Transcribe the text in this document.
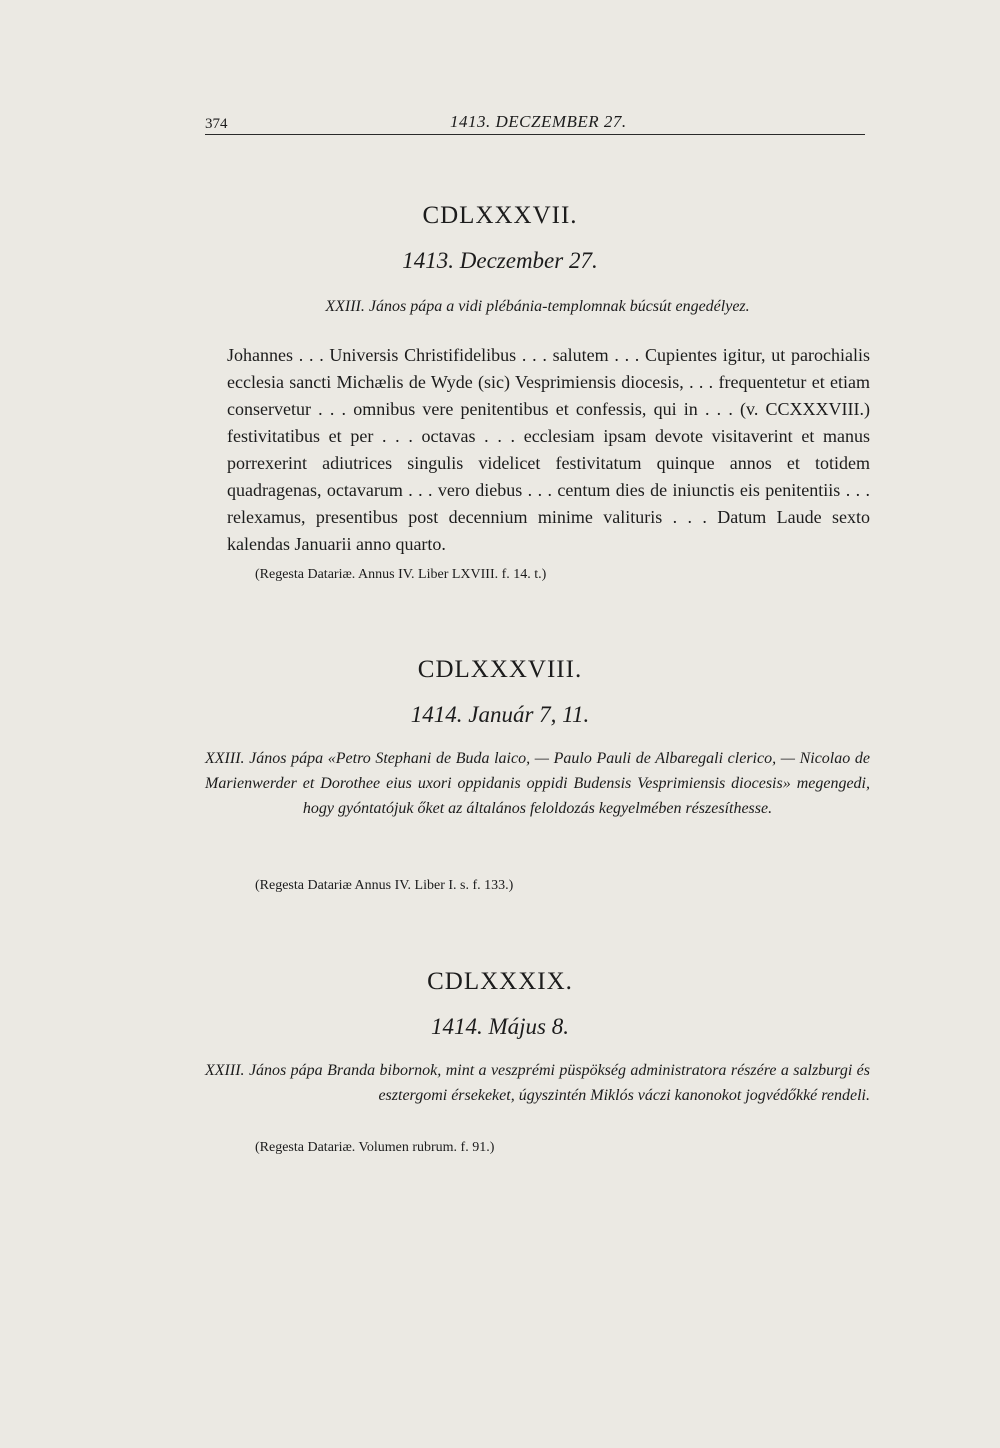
374	1413. DECZEMBER 27.
CDLXXXVII.
1413. Deczember 27.
XXIII. János pápa a vidi plébánia-templomnak búcsút engedélyez.
Johannes . . . Universis Christifidelibus . . . salutem . . . Cupientes igitur, ut parochialis ecclesia sancti Michælis de Wyde (sic) Vesprimiensis diocesis, . . . frequentetur et etiam conservetur . . . omnibus vere penitentibus et confessis, qui in . . . (v. CCXXXVIII.) festivitatibus et per . . . octavas . . . ecclesiam ipsam devote visitaverint et manus porrexerint adiutrices singulis videlicet festivitatum quinque annos et totidem quadragenas, octavarum . . . vero diebus . . . centum dies de iniunctis eis penitentiis . . . relexamus, presentibus post decennium minime valituris . . . Datum Laude sexto kalendas Januarii anno quarto.
(Regesta Datariæ. Annus IV. Liber LXVIII. f. 14. t.)
CDLXXXVIII.
1414. Január 7, 11.
XXIII. János pápa «Petro Stephani de Buda laico, — Paulo Pauli de Albaregali clerico, — Nicolao de Marienwerder et Dorothee eius uxori oppidanis oppidi Budensis Vesprimiensis diocesis» megengedi, hogy gyóntatójuk őket az általános feloldozás kegyelmében részesíthesse.
(Regesta Datariæ Annus IV. Liber I. s. f. 133.)
CDLXXXIX.
1414. Május 8.
XXIII. János pápa Branda bibornok, mint a veszprémi püspökség administratora részére a salzburgi és esztergomi érsekeket, úgyszintén Miklós váczi kanonokot jogvédőkké rendeli.
(Regesta Datariæ. Volumen rubrum. f. 91.)
